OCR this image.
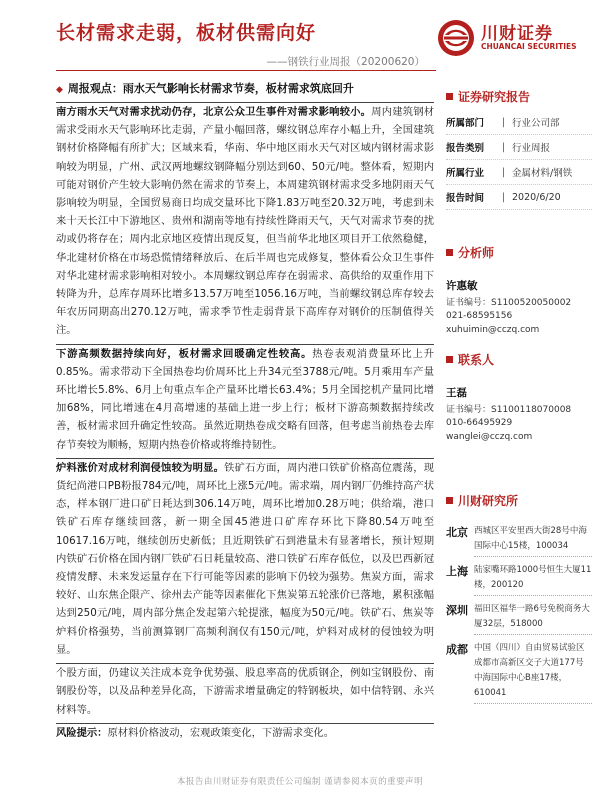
长材需求走弱，板材供需向好
——钢铁行业周报（20200620）
川财证券
CHUANCAI SECURITIES
◆ 周报观点：雨水天气影响长材需求节奏，板材需求筑底回升

南方雨水天气对需求扰动仍存，北京公众卫生事件对需求影响较小。周内建筑钢材需求受雨水天气影响环比走弱，产量小幅回落，螺纹钢总库存小幅上升，全国建筑钢材价格降幅有所扩大；区域来看，华南、华中地区雨水天气对区域内钢材需求影响较为明显，广州、武汉两地螺纹钢降幅分别达到60、50元/吨。整体看，短期内可能对钢价产生较大影响仍然在需求的节奏上，本周建筑钢材需求受多地阴雨天气影响较为明显，全国贸易商日均成交量环比下降1.83万吨至20.32万吨，考虑到未来十天长江中下游地区、贵州和湖南等地有持续性降雨天气，天气对需求节奏的扰动或仍将存在；周内北京地区疫情出现反复，但当前华北地区项目开工依然稳健，华北建材价格在市场恐慌情绪释放后、在后半周也完成修复，整体看公众卫生事件对华北建材需求影响相对较小。本周螺纹钢总库存在弱需求、高供给的双重作用下转降为升，总库存周环比增多13.57万吨至1056.16万吨，当前螺纹钢总库存较去年农历同期高出270.12万吨，需求季节性走弱背景下高库存对钢价的压制值得关注。

下游高频数据持续向好，板材需求回暖确定性较高。热卷表观消费量环比上升0.85%。需求带动下全国热卷均价周环比上升34元至3788元/吨。5月乘用车产量环比增长5.8%、6月上旬重点车企产量环比增长63.4%；5月全国挖机产量同比增加68%，同比增速在4月高增速的基础上进一步上行；板材下游高频数据持续改善，板材需求回升确定性较高。虽然近期热卷成交略有回落，但考虑当前热卷去库存节奏较为顺畅，短期内热卷价格或将维持韧性。

炉料涨价对成材利润侵蚀较为明显。铁矿石方面，周内港口铁矿价格高位震荡，现货纪尚港口PB粉报784元/吨，周环比上涨5元/吨。需求端，周内钢厂仍维持高产状态，样本钢厂进口矿日耗达到306.14万吨，周环比增加0.28万吨；供给端，港口铁矿石库存继续回落，新一期全国45港进口矿库存环比下降80.54万吨至10617.16万吨，继续创历史新低；且近期铁矿石到港量未有显著增长，预计短期内铁矿石价格在国内钢厂铁矿石日耗量较高、港口铁矿石库存低位，以及巴西新冠疫情发酵、未来发运量存在下行可能等因素的影响下仍较为强势。焦炭方面，需求较好、山东焦企限产、徐州去产能等因素催化下焦炭第五轮涨价已落地，累积涨幅达到250元/吨，周内部分焦企发起第六轮提涨，幅度为50元/吨。铁矿石、焦炭等炉料价格强势，当前测算钢厂高频利润仅有150元/吨，炉料对成材的侵蚀较为明显。

个股方面，仍建议关注成本竞争优势强、股息率高的优质钢企，例如宝钢股份、南钢股份等，以及品种差异化高，下游需求增量确定的特钢板块，如中信特钢、永兴材料等。

风险提示：原材料价格波动，宏观政策变化，下游需求变化。

证券研究报告
所属部门	| 行业公司部
报告类别	| 行业周报
所属行业	| 金属材料/钢铁
报告时间	| 2020/6/20
分析师
许惠敏
证书编号：S1100520050002
021-68595156
xuhuimin@cczq.com
联系人
王磊
证书编号：S1100118070008
010-66495929
wanglei@cczq.com
川财研究所
北京 西城区平安里西大街28号中海国际中心15楼，100034
上海 陆家嘴环路1000号恒生大厦11楼，200120
深圳 福田区福华一路6号免税商务大厦32层，518000
成都 中国（四川）自由贸易试验区成都市高新区交子大道177号中海国际中心B座17楼，610041
本报告由川财证券有限责任公司编制 谨请参阅本页的重要声明
